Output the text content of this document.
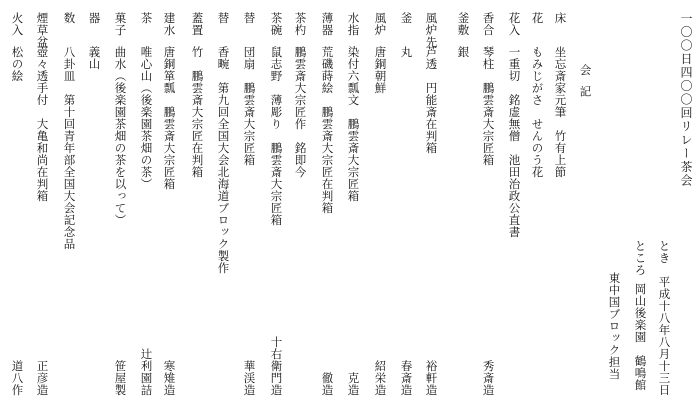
一〇〇日四〇〇回リレー茶会
とき　平成十八年八月十三日
ところ
岡山後楽園　鶴鳴館
東中国ブロック担当
会記
床
坐忘斎家元筆　竹有上節
花
もみじがさ　せんのう花
花入
一重切　銘虚無僧　池田治政公直書
香合
琴柱　鵬雲斎大宗匠箱
秀斎造
釜敷
銀
風炉先
芦透　円能斎在判箱
裕軒造
釜
丸
春斎造
風炉
唐銅朝鮮
紹栄造
水指
染付六瓢文　鵬雲斎大宗匠箱
克造
薄器
荒磯蒔絵　鵬雲斎大宗匠在判箱
徹造
茶杓
鵬雲斎大宗匠作　銘即今
茶碗
鼠志野　薄彫り　鵬雲斎大宗匠箱
十右衛門造
替
団扇　鵬雲斎大宗匠箱
華渓造
替
香畹　第九回全国大会北海道ブロック製作
蓋置
竹　鵬雲斎大宗匠在判箱
建水
唐銅箪瓢　鵬雲斎大宗匠箱
寒雉造
茶
唯心山（後楽園茶畑の茶）
辻利園詰
菓子
曲水（後楽園茶畑の茶を以って）
笹屋製
器
義山
数
八卦皿　第十回青年部全国大会記念品
煙草盆
壺々透手付　大亀和尚在判箱
正彦造
火入
松の絵
道八作
